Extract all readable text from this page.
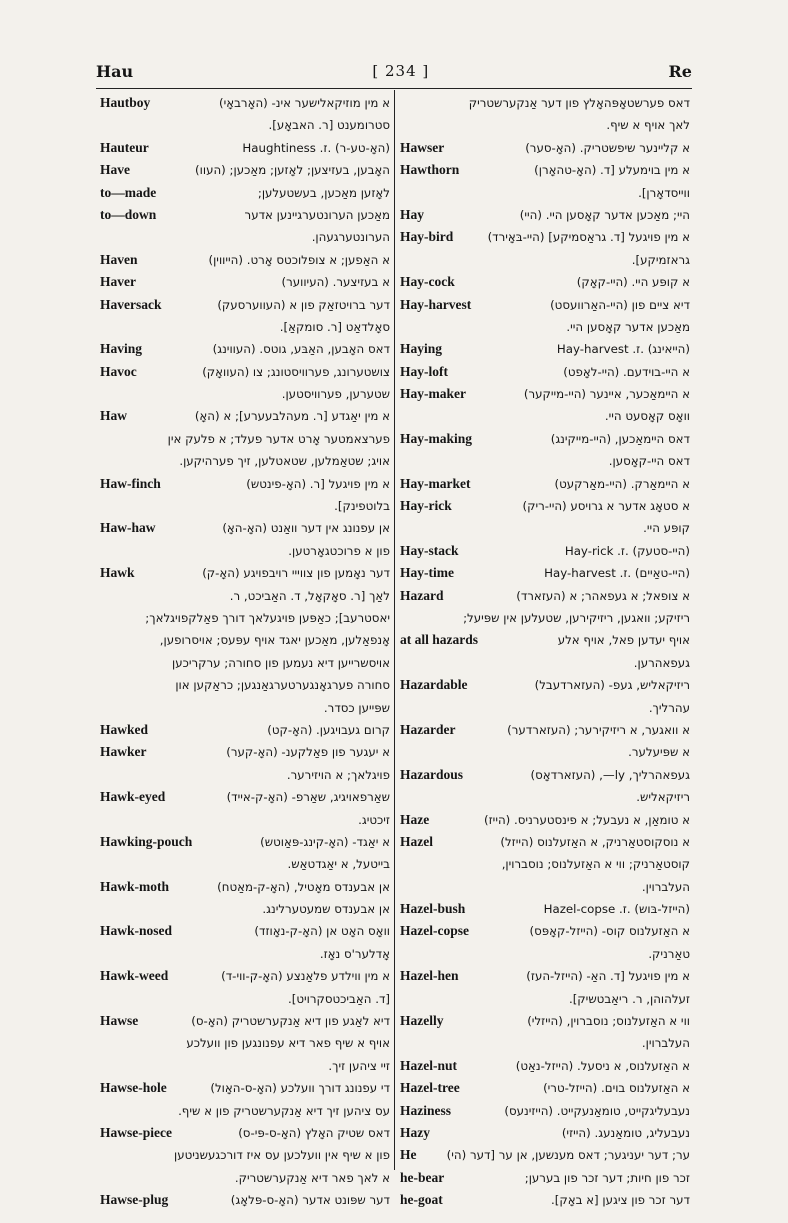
Hau	[ 234 ]	Re
Hautboy	א מין מוזיקאלישער אינ- (האָרבאָי)
סטרומענט [ר. האבאָע].
Hauteur	(האָ-טע-ר) .ז. Haughtiness
Have	האָבען, בעזיצען; לאָזען; מאַכען; (העוו)
to—made	לאָזען מאַכען, בעשטעלען;
to—down	מאַכען הערונטערגיינען אדער
הערונטערגעהן.
Haven	א האַפען; א צופלוכטס אָרט. (הייווין)
Haver	א בעזיצער. (העיווער)
Haversack	דער ברויטזאַק פון א (העווערסעק)
סאָלדאַט [ר. סומקאַ].
Having	דאס האָבען, האַבּע, גוטס. (העווינג)
Havoc	צושטערונג, פערוויסטונג; צו (העוואָק)
שטערען, פערוויסטען.
Haw	א מין יאַגדע [ר. מעהלבעערע]; א (האָ)
פערצאמטער אָרט אדער פעלד; א פלעק אין
אויג; שטאַמלען, שטאטלען, זיך פערהיקען.
Haw-finch	א מין פויגעל [ר. (האָ-פינטש)
בלוטפינק].
Haw-haw	אן עפנונג אין דער וואַנט (האָ-האָ)
פון א פרוכטגאָרטען.
Hawk	דער נאָמען פון צווייי רויבפויגע (האָ-ק)
לאַך [ר. סאָקאָל, ד. האַביכט, ר.
יאסטרעב]; כאַפּען פויגעלאך דורך פאַלקפויגלאך;
אָנפאַלען, מאַכען יאגד אויף עפּעס; אויסרופען,
אויסשרייען דיא נעמען פון סחורה; ערקריכען
סחורה פערגאָנגערטערגאַנגען; כראַקען און
שפּייען כסדר.
Hawked	קרום געבויגען. (האָ-קט)
Hawker	א יעגער פון פאַלקענ- (האָ-קער)
פויגלאך; א הויזירער.
Hawk-eyed	שאַרפאויגיג, שאַרפ- (האָ-ק-אייד)
זיכטיג.
Hawking-pouch	א יאַגד- (האָ-קינג-פּאַוטש)
בייטעל, א יאַגדטאַש.
Hawk-moth	אן אבענדס מאָטיל, (האָ-ק-מאַטח)
אן אבענדס שמעטערלינג.
Hawk-nosed	וואָס האָט אן (האָ-ק-נאָוזד)
אָדלער'ס נאָז.
Hawk-weed	א מין ווילדע פלאַנצע (האָ-ק-ווי-ד)
[ד. האַביכטסקרויט].
Hawse	דיא לאַגע פון דיא אַנקערשטריק (האָ-ס)
אויף א שיף פאר דיא עפנונגען פון וועלכע
זיי ציהען זיך.
Hawse-hole	די עפנונג דורך וועלכע (האָ-ס-האָול)
עס ציהען זיך דיא אַנקערשטריק פון א שיף.
Hawse-piece	דאס שטיק האָלץ (האָ-ס-פּי-ס)
פון א שיף אין וועלכען עס איז דורכגעשניטען
א לאך פאר דיא אַנקערשטריק.
Hawse-plug	דער שפּונט אדער (האָ-ס-פּלאָג)
דאס פערשטאָפּהאָלץ פון דער אַנקערשטריק
לאך אויף א שיף.
Hawser	א קליינער שיפשטריק. (האָ-סער)
Hawthorn	א מין בוימעלע [ד. (האָ-טהאָרן)
ווייסדאָרן].
Hay	היי; מאַכען אדער קאָסען היי. (היי)
Hay-bird	א מין פויגעל [ד. גראַסמיקע] (היי-בּאָירד)
גראזמיקע].
Hay-cock	א קופּע היי. (היי-קאָק)
Hay-harvest	דיא ציים פון (היי-האַרוועסט)
מאַכען אדער קאָסען היי.
Haying	(הייאינג) .ז. Hay-harvest
Hay-loft	א היי-בוידעם. (היי-לאָפט)
Hay-maker	א היימאַכער, איינער (היי-מייקער)
וואָס קאָסעט היי.
Hay-making	דאס היימאַכען, (היי-מייקינג)
דאס היי-קאָסען.
Hay-market	א היימאַרק. (היי-מאַרקעט)
Hay-rick	א סטאָג אדער א גרויסע (היי-ריק)
קופּע היי.
Hay-stack	(היי-סטעק) .ז. Hay-rick
Hay-time	(היי-טאַיים) .ז. Hay-harvest
Hazard	א צופאל; א געפאהר; א (העזארד)
ריזיקע; וואגען, ריזיקירען, שטעלען אין שפּיעל;
at all hazards	אויף יעדען פאל, אויף אלע
געפאהרען.
Hazardable	ריזיקאליש, געפ- (העזארדעבל)
עהרליך.
Hazarder	א וואגער, א ריזיקירער; (העזארדער)
א שפּיעלער.
Hazardous	געפאהרליך, ly—, (העזארדאָס)
ריזיקאליש.
Haze	א טומאַן, א נעבעל; א פינסטערניס. (הייז)
Hazel	א נוסקוסטאַרניק, א האַזעלנוס (הייזל)
קוסטאַרניק; ווי א האַזעלנוס; נוסברוין,
העלברוין.
Hazel-bush	(הייזל-בּוש) .ז. Hazel-copse
Hazel-copse	א האַזעלנוס קוס- (הייזל-קאָפּס)
טאַרניק.
Hazel-hen	א מין פויגעל [ד. האַ- (הייזל-העז)
זעלהוהן, ר. ריאַבטשיק].
Hazelly	ווי א האַזעלנוס; נוסברוין, (הייזלי)
העלברוין.
Hazel-nut	א האַזעלנוס, א ניסעל. (הייזל-נאַט)
Hazel-tree	א האַזעלנוס בוים. (הייזל-טרי)
Haziness	נעבעליגקייט, טומאַנעקייט. (הייזינעס)
Hazy	נעבעליג, טומאַנעג. (הייזי)
He	ער; דער יעניגער; דאס מענשען, אן ער [דער (הי)
he-bear	זכר פון חיות; דער זכר פון בערען;
he-goat	דער זכר פון ציגען [א באָק].
